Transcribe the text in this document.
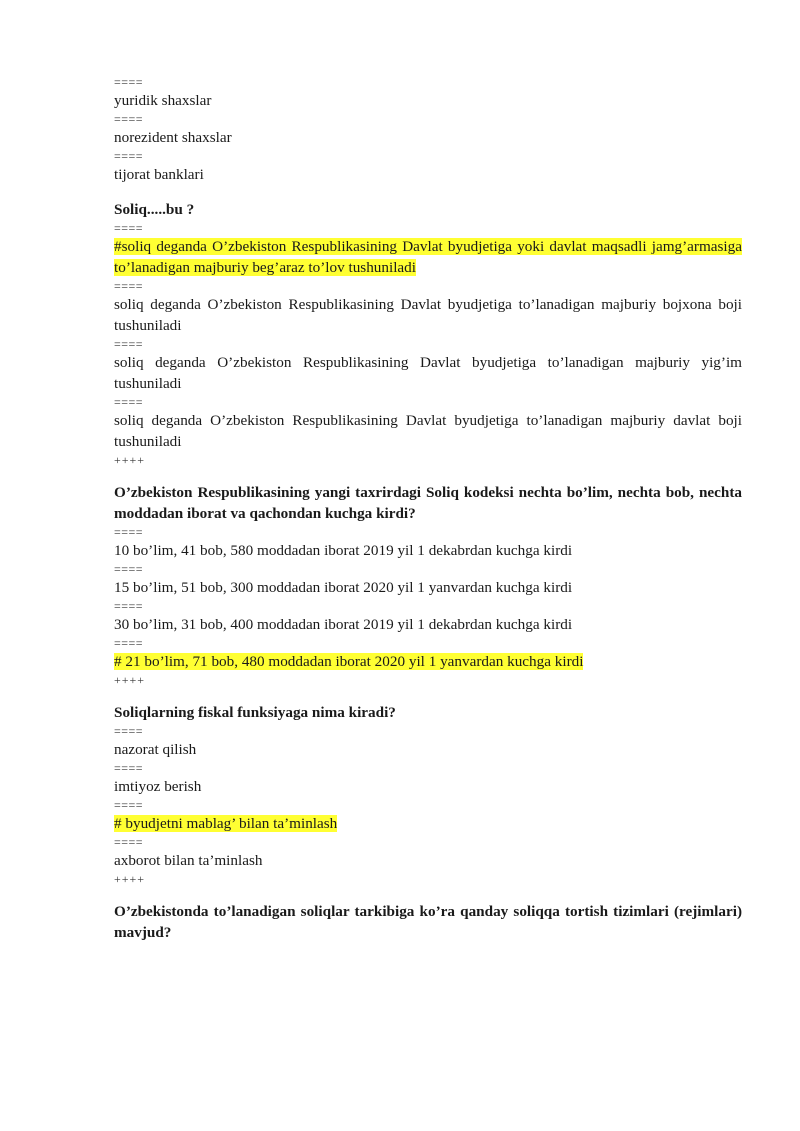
====
yuridik shaxslar
====
norezident shaxslar
====
tijorat banklari
Soliq.....bu ?
====
#soliq deganda O’zbekiston Respublikasining Davlat byudjetiga yoki davlat maqsadli jamg’armasiga to’lanadigan majburiy beg’araz to’lov tushuniladi
====
soliq deganda O’zbekiston Respublikasining Davlat byudjetiga to’lanadigan majburiy bojxona boji tushuniladi
====
soliq deganda O’zbekiston Respublikasining Davlat byudjetiga to’lanadigan majburiy yig’im tushuniladi
====
soliq deganda O’zbekiston Respublikasining Davlat byudjetiga to’lanadigan majburiy davlat boji tushuniladi
++++
O’zbekiston Respublikasining yangi taxrirdagi Soliq kodeksi nechta bo’lim, nechta bob, nechta moddadan iborat va qachondan kuchga kirdi?
====
10 bo’lim, 41 bob, 580 moddadan iborat 2019 yil 1 dekabrdan kuchga kirdi
====
15 bo’lim, 51 bob, 300 moddadan iborat 2020 yil 1 yanvardan kuchga kirdi
====
30 bo’lim, 31 bob, 400 moddadan iborat 2019 yil 1 dekabrdan kuchga kirdi
====
# 21 bo’lim, 71 bob, 480 moddadan iborat 2020 yil 1 yanvardan kuchga kirdi
++++
Soliqlarning fiskal funksiyaga nima kiradi?
====
nazorat qilish
====
imtiyoz berish
====
# byudjetni mablag’ bilan ta’minlash
====
axborot bilan ta’minlash
++++
O’zbekistonda to’lanadigan soliqlar tarkibiga ko’ra qanday soliqqa tortish tizimlari (rejimlari) mavjud?
